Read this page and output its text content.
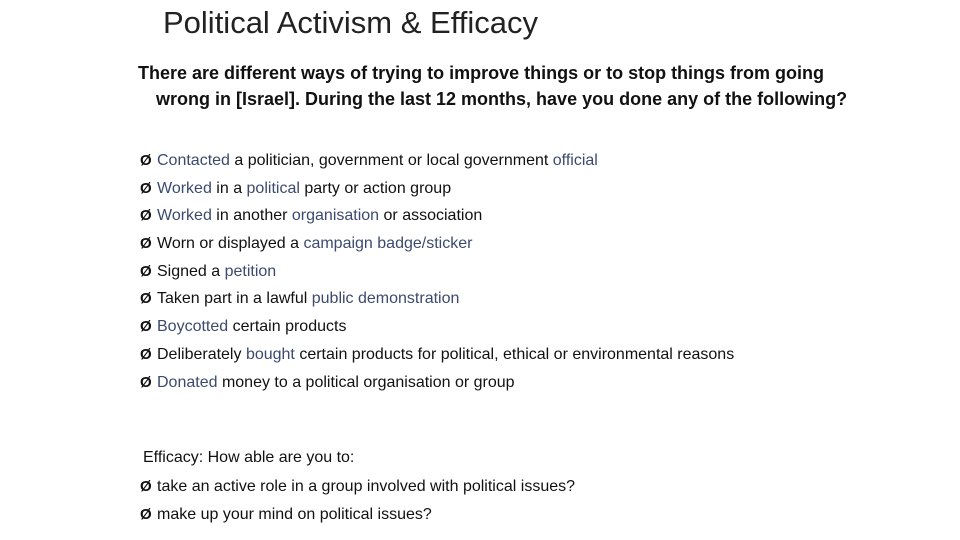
Political Activism & Efficacy
There are different ways of trying to improve things or to stop things from going wrong in [Israel]. During the last 12 months, have you done any of the following?
Ø Contacted a politician, government or local government official
Ø Worked in a political party or action group
Ø Worked in another organisation or association
Ø Worn or displayed a campaign badge/sticker
Ø Signed a petition
Ø Taken part in a lawful public demonstration
Ø Boycotted certain products
Ø Deliberately bought certain products for political, ethical or environmental reasons
Ø Donated money to a political organisation or group
Efficacy: How able are you to:
Ø take an active role in a group involved with political issues?
Ø make up your mind on political issues?
